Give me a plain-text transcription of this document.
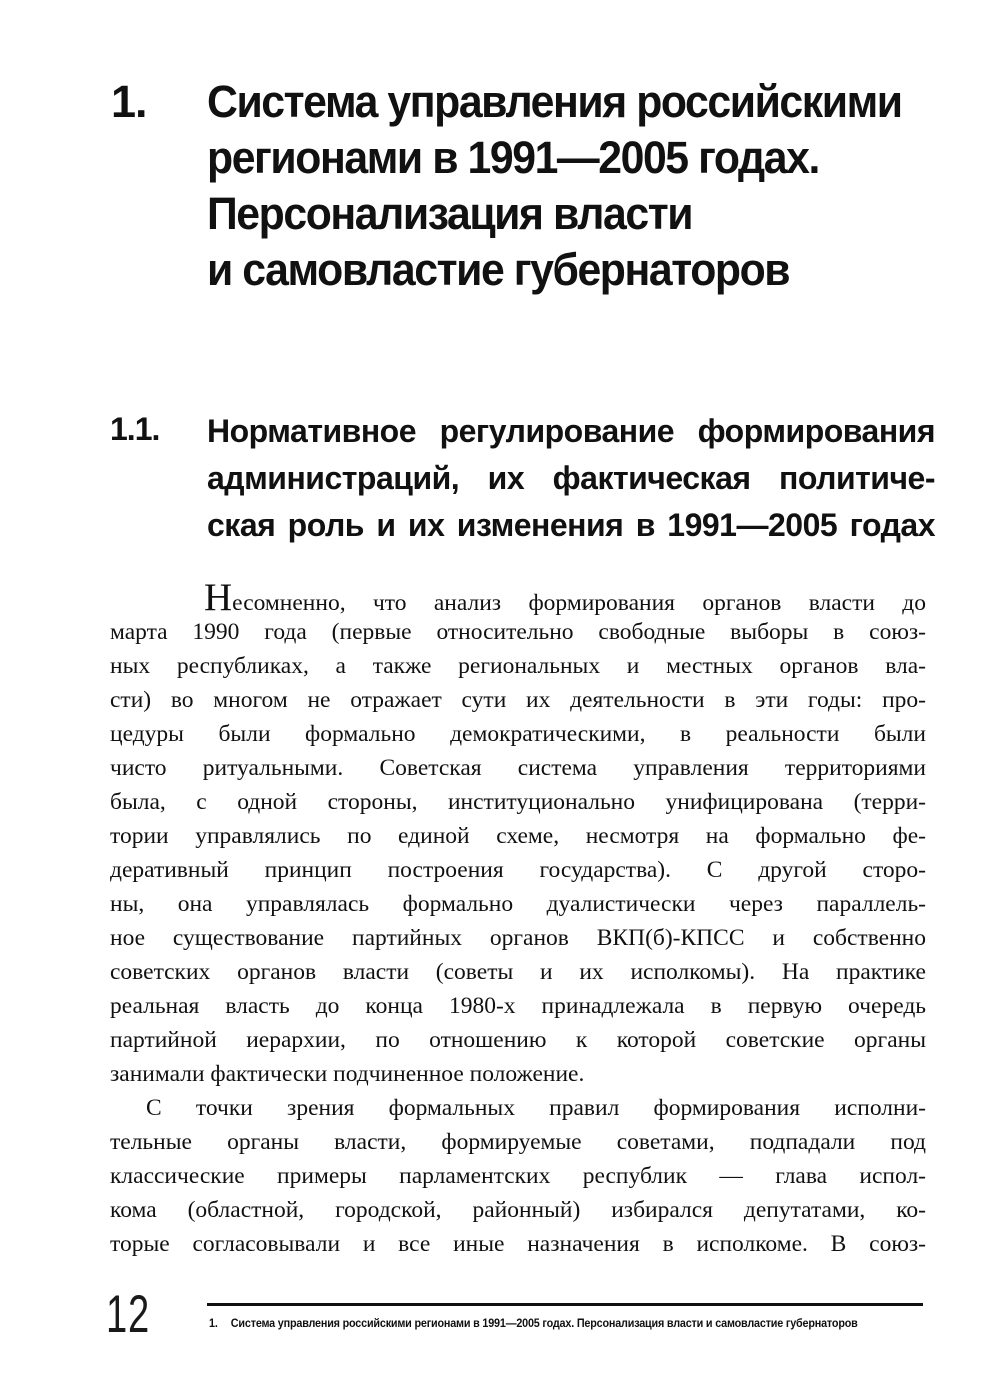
1. Система управления российскими
регионами в 1991—2005 годах.
Персонализация власти
и самовластие губернаторов
1.1. Нормативное регулирование формирования
администраций, их фактическая политиче-
ская роль и их изменения в 1991—2005 годах
Несомненно, что анализ формирования органов власти до
марта 1990 года (первые относительно свободные выборы в союз-
ных республиках, а также региональных и местных органов вла-
сти) во многом не отражает сути их деятельности в эти годы: про-
цедуры были формально демократическими, в реальности были
чисто ритуальными. Советская система управления территориями
была, с одной стороны, институционально унифицирована (терри-
тории управлялись по единой схеме, несмотря на формально фе-
деративный принцип построения государства). С другой сторо-
ны, она управлялась формально дуалистически через параллель-
ное существование партийных органов ВКП(б)-КПСС и собственно
советских органов власти (советы и их исполкомы). На практике
реальная власть до конца 1980-х принадлежала в первую очередь
партийной иерархии, по отношению к которой советские органы
занимали фактически подчиненное положение.
С точки зрения формальных правил формирования исполни-
тельные органы власти, формируемые советами, подпадали под
классические примеры парламентских республик — глава испол-
кома (областной, городской, районный) избирался депутатами, ко-
торые согласовывали и все иные назначения в исполкоме. В союз-
12	1. Система управления российскими регионами в 1991—2005 годах. Персонализация власти и самовластие губернаторов
